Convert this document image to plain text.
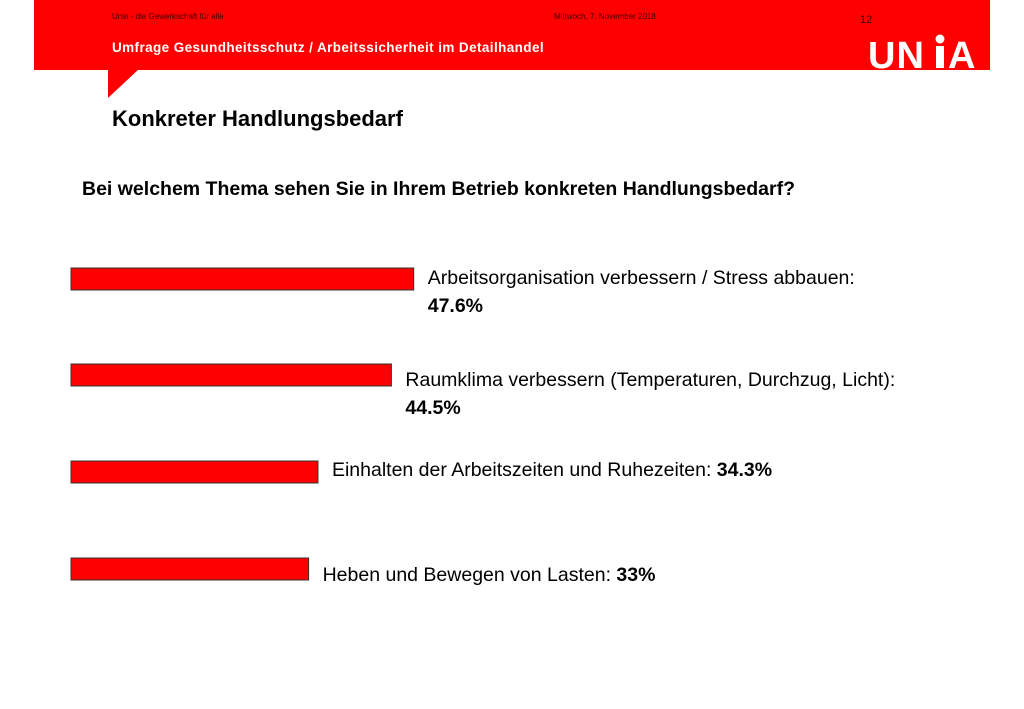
Unia - die Gewerkschaft für alle	Mittwoch, 7. November 2018	12
Umfrage Gesundheitsschutz / Arbeitssicherheit im Detailhandel	UN A
Konkreter Handlungsbedarf
Bei welchem Thema sehen Sie in Ihrem Betrieb konkreten Handlungsbedarf?
Arbeitsorganisation verbessern / Stress abbauen: 47.6%
Raumklima verbessern (Temperaturen, Durchzug, Licht): 44.5%
Einhalten der Arbeitszeiten und Ruhezeiten: 34.3%
Heben und Bewegen von Lasten: 33%
